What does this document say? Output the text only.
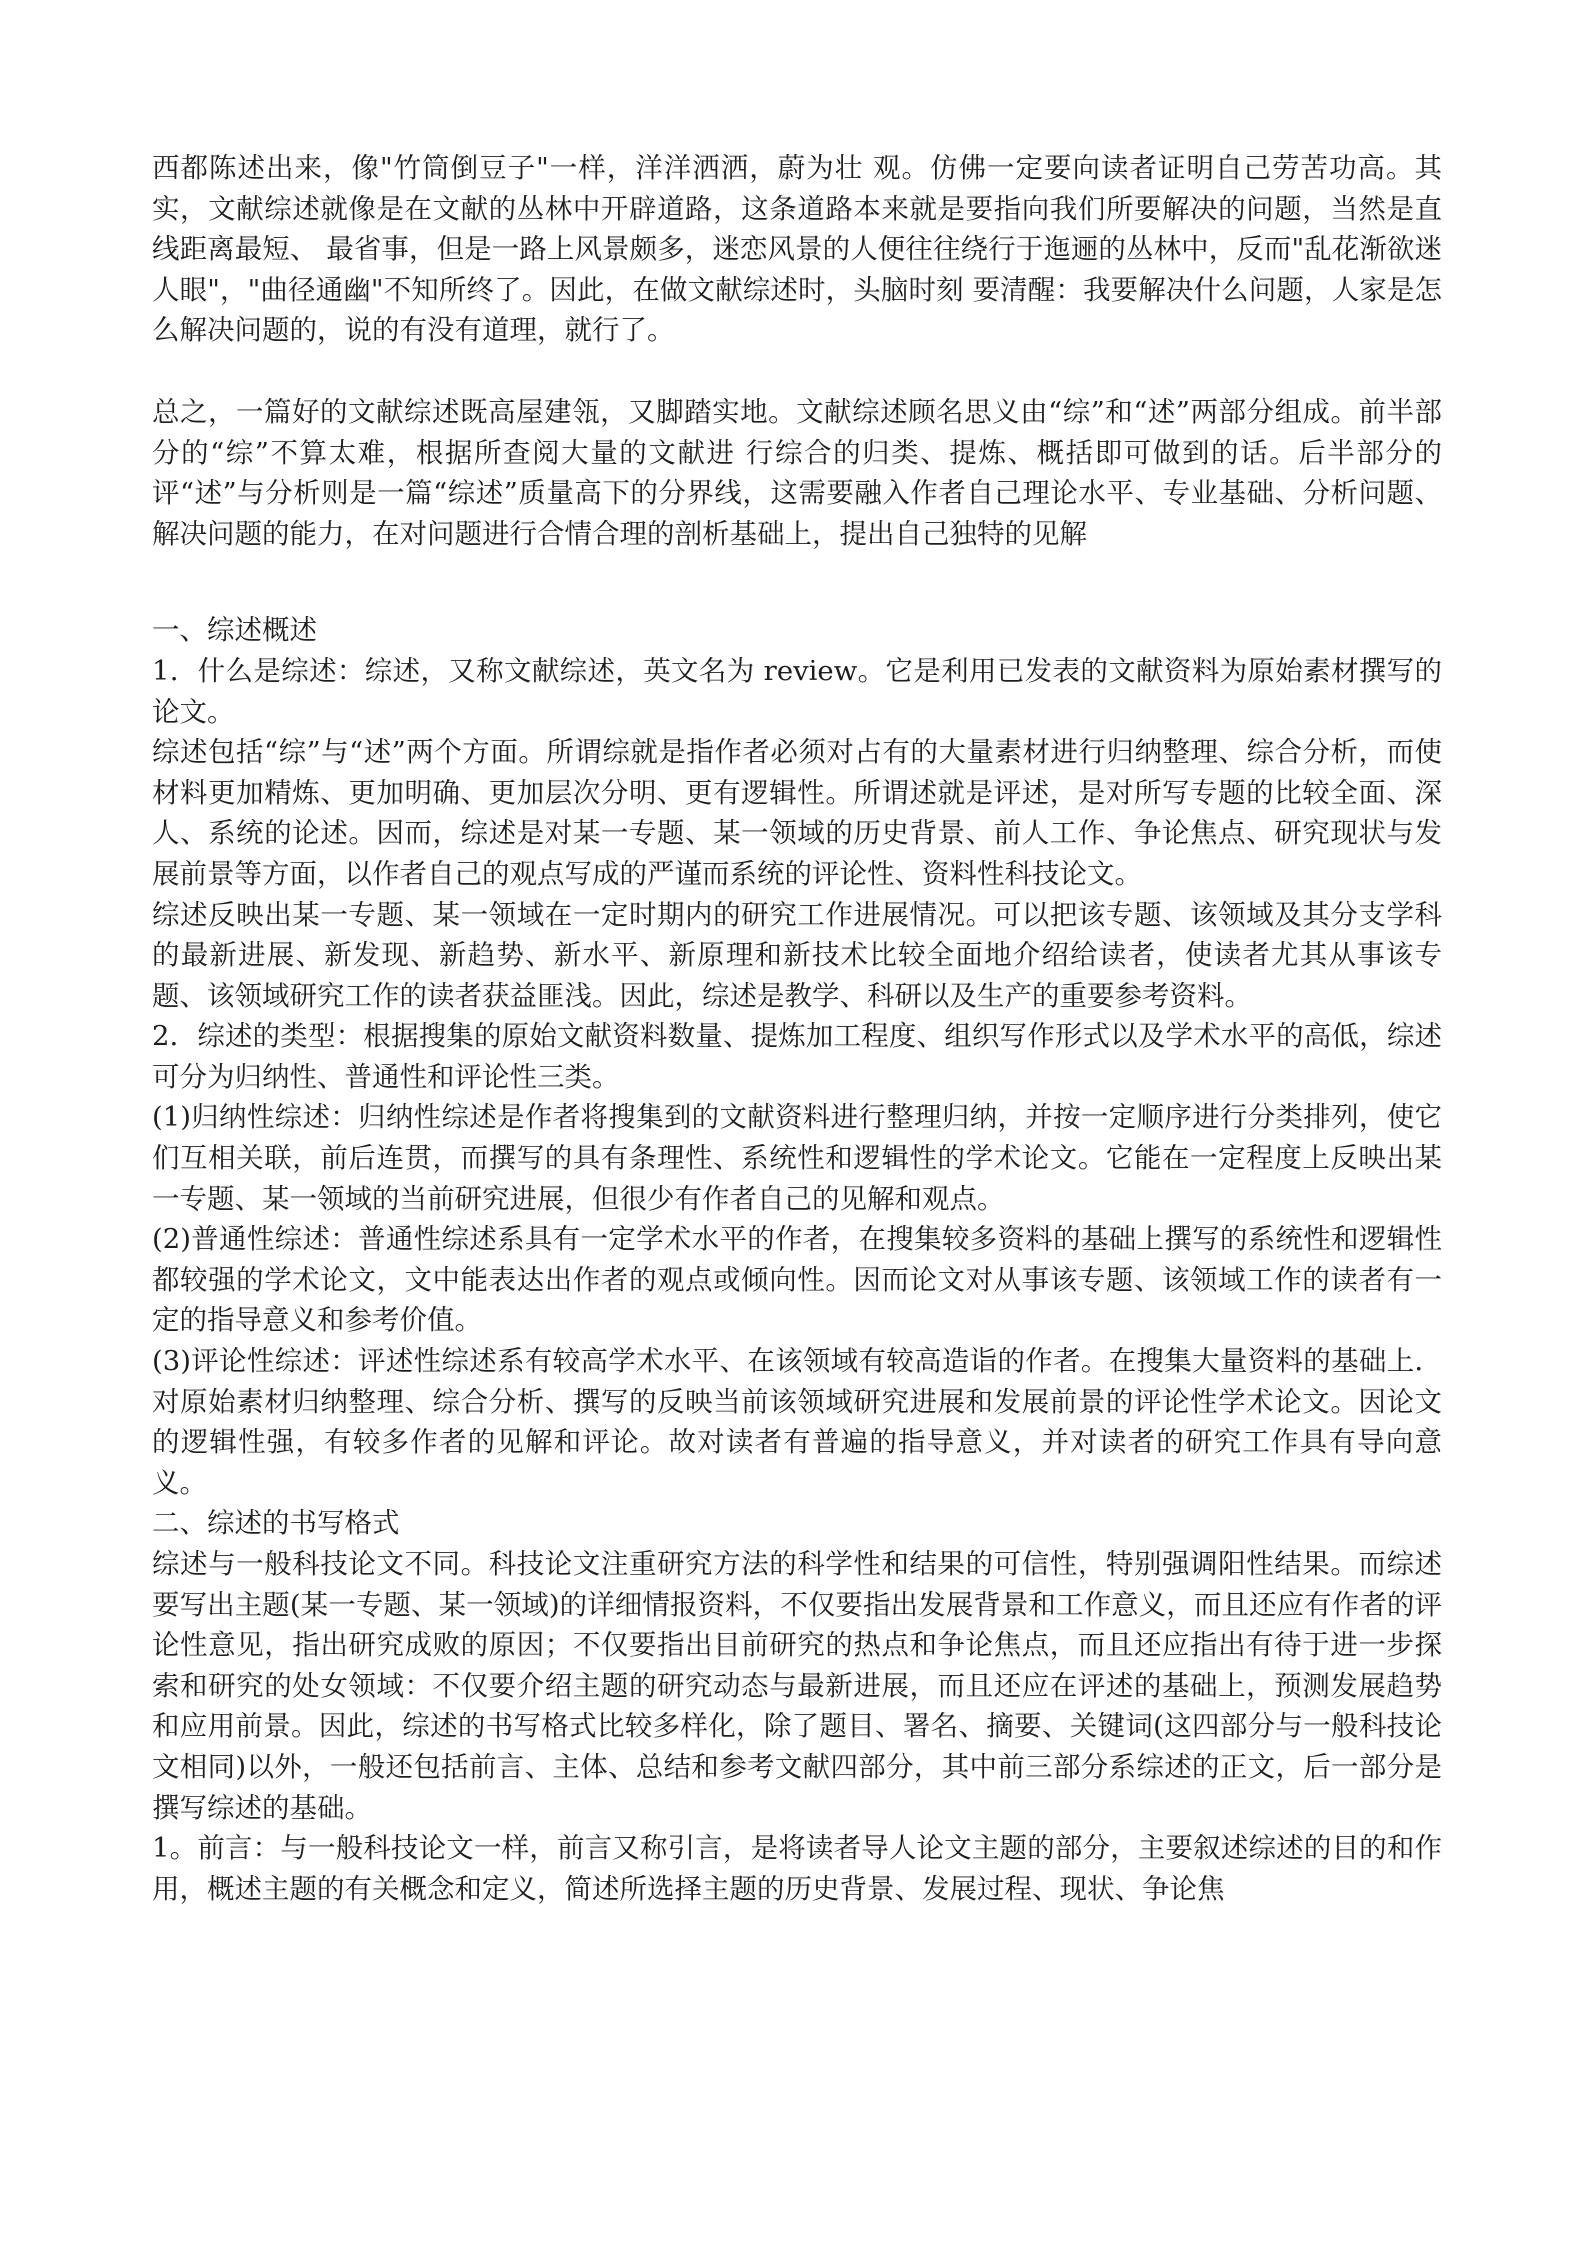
西都陈述出来，像"竹筒倒豆子"一样，洋洋洒洒，蔚为壮 观。仿佛一定要向读者证明自己劳苦功高。其实，文献综述就像是在文献的丛林中开辟道路，这条道路本来就是要指向我们所要解决的问题，当然是直线距离最短、 最省事，但是一路上风景颇多，迷恋风景的人便往往绕行于迤逦的丛林中，反而"乱花渐欲迷人眼"，"曲径通幽"不知所终了。因此，在做文献综述时，头脑时刻 要清醒：我要解决什么问题，人家是怎么解决问题的，说的有没有道理，就行了。

总之，一篇好的文献综述既高屋建瓴，又脚踏实地。文献综述顾名思义由“综”和“述”两部分组成。前半部分的“综”不算太难，根据所查阅大量的文献进 行综合的归类、提炼、概括即可做到的话。后半部分的评“述”与分析则是一篇“综述”质量高下的分界线，这需要融入作者自己理论水平、专业基础、分析问题、 解决问题的能力，在对问题进行合情合理的剖析基础上，提出自己独特的见解

一、综述概述

1．什么是综述：综述，又称文献综述，英文名为 review。它是利用已发表的文献资料为原始素材撰写的论文。

综述包括“综”与“述”两个方面。所谓综就是指作者必须对占有的大量素材进行归纳整理、综合分析，而使材料更加精炼、更加明确、更加层次分明、更有逻辑性。所谓述就是评述，是对所写专题的比较全面、深人、系统的论述。因而，综述是对某一专题、某一领域的历史背景、前人工作、争论焦点、研究现状与发展前景等方面，以作者自己的观点写成的严谨而系统的评论性、资料性科技论文。

综述反映出某一专题、某一领域在一定时期内的研究工作进展情况。可以把该专题、该领域及其分支学科的最新进展、新发现、新趋势、新水平、新原理和新技术比较全面地介绍给读者，使读者尤其从事该专题、该领域研究工作的读者获益匪浅。因此，综述是教学、科研以及生产的重要参考资料。

2．综述的类型：根据搜集的原始文献资料数量、提炼加工程度、组织写作形式以及学术水平的高低，综述可分为归纳性、普通性和评论性三类。

(1)归纳性综述：归纳性综述是作者将搜集到的文献资料进行整理归纳，并按一定顺序进行分类排列，使它们互相关联，前后连贯，而撰写的具有条理性、系统性和逻辑性的学术论文。它能在一定程度上反映出某一专题、某一领域的当前研究进展，但很少有作者自己的见解和观点。

(2)普通性综述：普通性综述系具有一定学术水平的作者，在搜集较多资料的基础上撰写的系统性和逻辑性都较强的学术论文，文中能表达出作者的观点或倾向性。因而论文对从事该专题、该领域工作的读者有一定的指导意义和参考价值。

(3)评论性综述：评述性综述系有较高学术水平、在该领域有较高造诣的作者。在搜集大量资料的基础上．对原始素材归纳整理、综合分析、撰写的反映当前该领域研究进展和发展前景的评论性学术论文。因论文的逻辑性强，有较多作者的见解和评论。故对读者有普遍的指导意义，并对读者的研究工作具有导向意义。

二、综述的书写格式

综述与一般科技论文不同。科技论文注重研究方法的科学性和结果的可信性，特别强调阳性结果。而综述要写出主题(某一专题、某一领域)的详细情报资料，不仅要指出发展背景和工作意义，而且还应有作者的评论性意见，指出研究成败的原因；不仅要指出目前研究的热点和争论焦点，而且还应指出有待于进一步探索和研究的处女领域：不仅要介绍主题的研究动态与最新进展，而且还应在评述的基础上，预测发展趋势和应用前景。因此，综述的书写格式比较多样化，除了题目、署名、摘要、关键词(这四部分与一般科技论文相同)以外，一般还包括前言、主体、总结和参考文献四部分，其中前三部分系综述的正文，后一部分是撰写综述的基础。

1。前言：与一般科技论文一样，前言又称引言，是将读者导人论文主题的部分，主要叙述综述的目的和作用，概述主题的有关概念和定义，简述所选择主题的历史背景、发展过程、现状、争论焦
